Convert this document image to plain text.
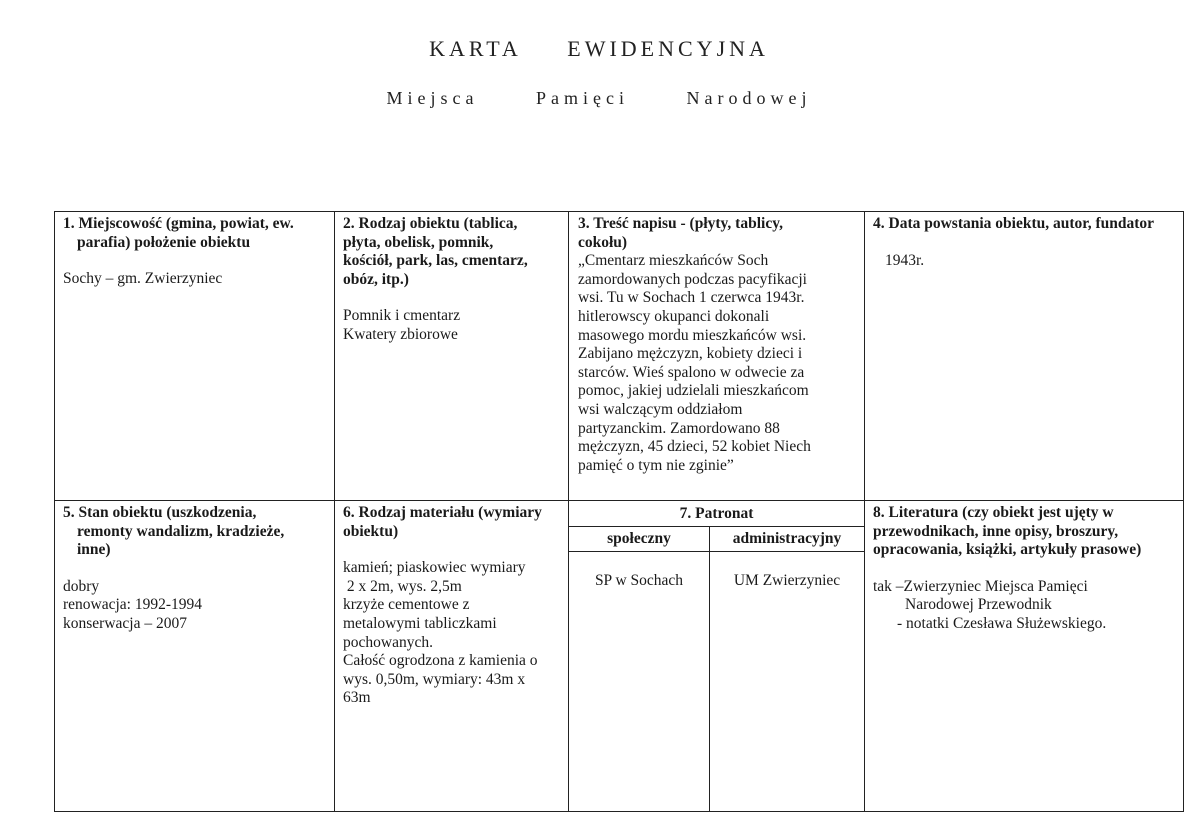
KARTA EWIDENCYJNA
Miejsca	Pamięci	Narodowej
1. Miejscowość (gmina, powiat, ew.
parafia) położenie obiektu
Sochy – gm. Zwierzyniec
2. Rodzaj obiektu (tablica,
płyta, obelisk, pomnik,
kościół, park, las, cmentarz,
obóz, itp.)
Pomnik i cmentarz
Kwatery zbiorowe
3. Treść napisu - (płyty, tablicy,
cokołu)
„Cmentarz mieszkańców Soch
zamordowanych podczas pacyfikacji
wsi. Tu w Sochach 1 czerwca 1943r.
hitlerowscy okupanci dokonali
masowego mordu mieszkańców wsi.
Zabijano mężczyzn, kobiety dzieci i
starców. Wieś spalono w odwecie za
pomoc, jakiej udzielali mieszkańcom
wsi walczącym oddziałom
partyzanckim. Zamordowano 88
mężczyzn, 45 dzieci, 52 kobiet Niech
pamięć o tym nie zginie”
4. Data powstania obiektu, autor, fundator
1943r.
5. Stan obiektu (uszkodzenia,
remonty wandalizm, kradzieże,
inne)
dobry
renowacja: 1992-1994
konserwacja – 2007
6. Rodzaj materiału (wymiary
obiektu)
kamień; piaskowiec wymiary
2 x 2m, wys. 2,5m
krzyże cementowe z
metalowymi tabliczkami
pochowanych.
Całość ogrodzona z kamienia o
wys. 0,50m, wymiary: 43m x
63m
7. Patronat
społeczny	administracyjny
SP w Sochach	UM Zwierzyniec
8. Literatura (czy obiekt jest ujęty w
przewodnikach, inne opisy, broszury,
opracowania, książki, artykuły prasowe)
tak –Zwierzyniec Miejsca Pamięci
Narodowej Przewodnik
- notatki Czesława Służewskiego.
